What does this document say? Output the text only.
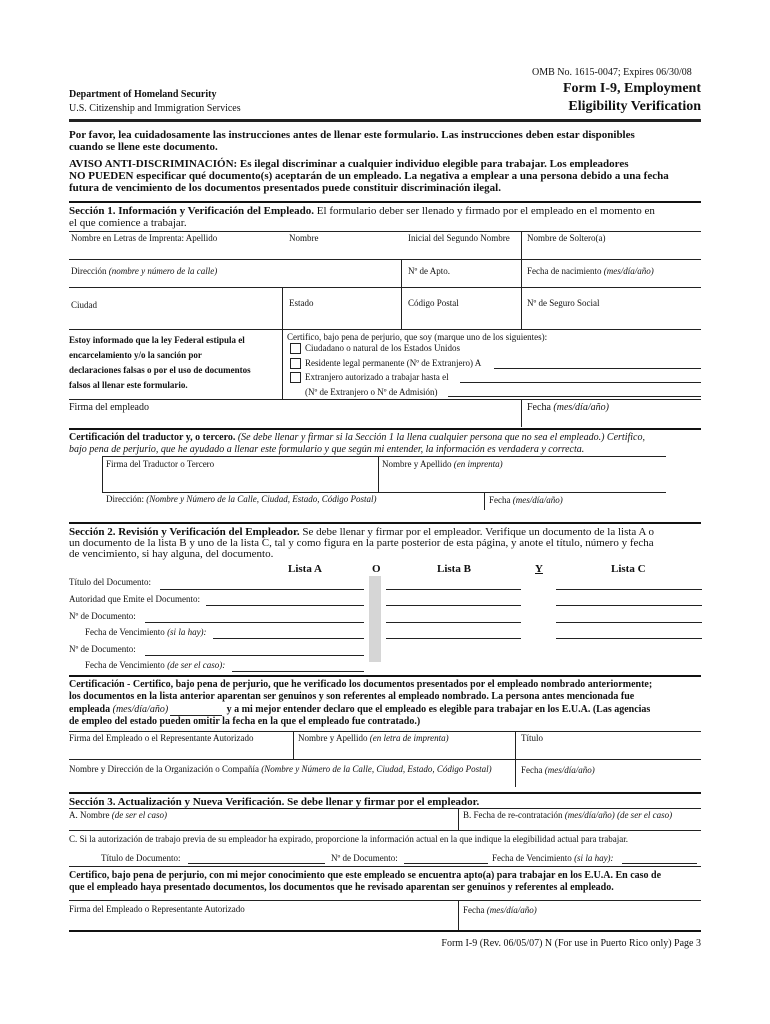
OMB No. 1615-0047; Expires 06/30/08
Department of Homeland Security
U.S. Citizenship and Immigration Services
Form I-9, Employment
Eligibility Verification
Por favor, lea cuidadosamente las instrucciones antes de llenar este formulario. Las instrucciones deben estar disponibles
cuando se llene este documento.
AVISO ANTI-DISCRIMINACIÓN: Es ilegal discriminar a cualquier individuo elegible para trabajar. Los empleadores
NO PUEDEN especificar qué documento(s) aceptarán de un empleado. La negativa a emplear a una persona debido a una fecha
futura de vencimiento de los documentos presentados puede constituir discriminación ilegal.
Sección 1. Información y Verificación del Empleado. El formulario deber ser llenado y firmado por el empleado en el momento en
el que comience a trabajar.
Nombre en Letras de Imprenta: Apellido	Nombre	Inicial del Segundo Nombre Nombre de Soltero(a)
Dirección (nombre y número de la calle)	Nº de Apto.	Fecha de nacimiento (mes/día/año)
Ciudad	Estado	Código Postal	Nº de Seguro Social
Estoy informado que la ley Federal estipula el
encarcelamiento y/o la sanción por
declaraciones falsas o por el uso de documentos
falsos al llenar este formulario.
Certifico, bajo pena de perjurio, que soy (marque uno de los siguientes):
Ciudadano o natural de los Estados Unidos
Residente legal permanente (Nº de Extranjero) A
Extranjero autorizado a trabajar hasta el
(Nº de Extranjero o Nº de Admisión)
Firma del empleado	Fecha (mes/día/año)
Certificación del traductor y, o tercero. (Se debe llenar y firmar si la Sección 1 la llena cualquier persona que no sea el empleado.) Certifico,
bajo pena de perjurio, que he ayudado a llenar este formulario y que según mi entender, la información es verdadera y correcta.
Firma del Traductor o Tercero	Nombre y Apellido (en imprenta)
Dirección: (Nombre y Número de la Calle, Ciudad, Estado, Código Postal)	Fecha (mes/día/año)
Sección 2. Revisión y Verificación del Empleador. Se debe llenar y firmar por el empleador. Verifique un documento de la lista A o
un documento de la lista B y uno de la lista C, tal y como figura en la parte posterior de esta página, y anote el título, número y fecha
de vencimiento, si hay alguna, del documento.
Lista A	O	Lista B	Y	Lista C
Título del Documento:
Autoridad que Emite el Documento:
Nº de Documento:
Fecha de Vencimiento (si la hay):
Nº de Documento:
Fecha de Vencimiento (de ser el caso):
Certificación - Certifico, bajo pena de perjurio, que he verificado los documentos presentados por el empleado nombrado anteriormente;
los documentos en la lista anterior aparentan ser genuinos y son referentes al empleado nombrado. La persona antes mencionada fue
empleada (mes/día/año)	y a mi mejor entender declaro que el empleado es elegible para trabajar en los E.U.A. (Las agencias
de empleo del estado pueden omitir la fecha en la que el empleado fue contratado.)
Firma del Empleado o el Representante Autorizado	Nombre y Apellido (en letra de imprenta)	Título
Nombre y Dirección de la Organización o Compañía (Nombre y Número de la Calle, Ciudad, Estado, Código Postal)	Fecha (mes/día/año)
Sección 3. Actualización y Nueva Verificación. Se debe llenar y firmar por el empleador.
A. Nombre (de ser el caso)	B. Fecha de re-contratación (mes/día/año) (de ser el caso)
C. Si la autorización de trabajo previa de su empleador ha expirado, proporcione la información actual en la que indique la elegibilidad actual para trabajar.
Título de Documento:	Nº de Documento:	Fecha de Vencimiento (si la hay):
Certifico, bajo pena de perjurio, con mi mejor conocimiento que este empleado se encuentra apto(a) para trabajar en los E.U.A. En caso de
que el empleado haya presentado documentos, los documentos que he revisado aparentan ser genuinos y referentes al empleado.
Firma del Empleado o Representante Autorizado	Fecha (mes/día/año)
Form I-9 (Rev. 06/05/07) N (For use in Puerto Rico only) Page 3
